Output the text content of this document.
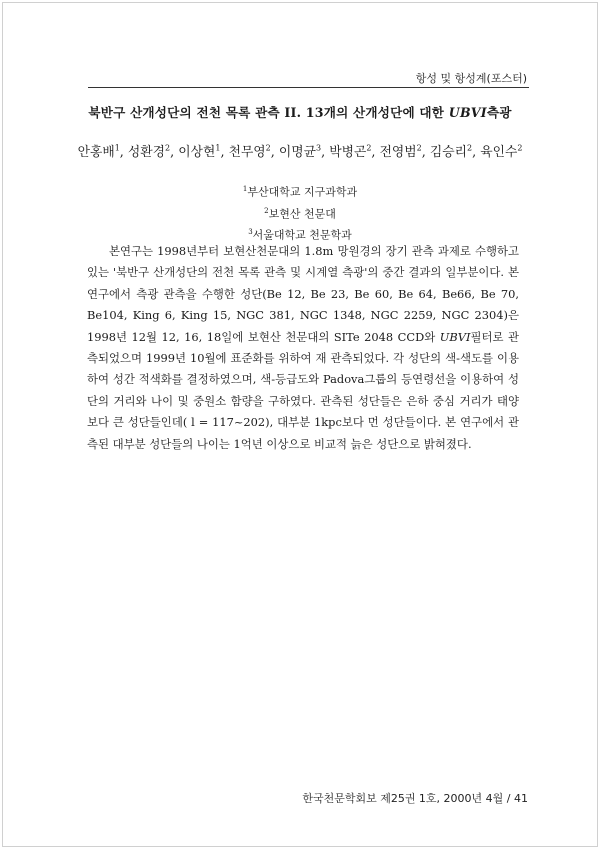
항성 및 항성계(포스터)
북반구 산개성단의 전천 목록 관측 II. 13개의 산개성단에 대한 UBVI측광
안홍배$^1$, 성환경$^2$, 이상현$^1$, 천무영$^2$, 이명균$^3$, 박병곤$^2$, 전영범$^2$, 김승리$^2$, 육인수$^2$
$^1$부산대학교 지구과학과
$^2$보현산 천문대
$^3$서울대학교 천문학과

본연구는 1998년부터 보현산천문대의 1.8m 망원경의 장기 관측 과제로 수행하고 있는 '북반구 산개성단의 전천 목록 관측 및 시계열 측광'의 중간 결과의 일부분이다. 본 연구에서 측광 관측을 수행한 성단(Be 12, Be 23, Be 60, Be 64, Be66, Be 70, Be104, King 6, King 15, NGC 381, NGC 1348, NGC 2259, NGC 2304)은 1998년 12월 12, 16, 18일에 보현산 천문대의 SITe 2048 CCD와 UBVI필터로 관측되었으며 1999년 10월에 표준화를 위하여 재 관측되었다. 각 성단의 색-색도를 이용하여 성간 적색화를 결정하였으며, 색-등급도와 Padova그룹의 등연령선을 이용하여 성단의 거리와 나이 및 중원소 함량을 구하였다. 관측된 성단들은 은하 중심 거리가 태양보다 큰 성단들인데( l = 117~202), 대부분 1kpc보다 먼 성단들이다. 본 연구에서 관측된 대부분 성단들의 나이는 1억년 이상으로 비교적 늙은 성단으로 밝혀졌다.

한국천문학회보 제25권 1호, 2000년 4월 / 41
